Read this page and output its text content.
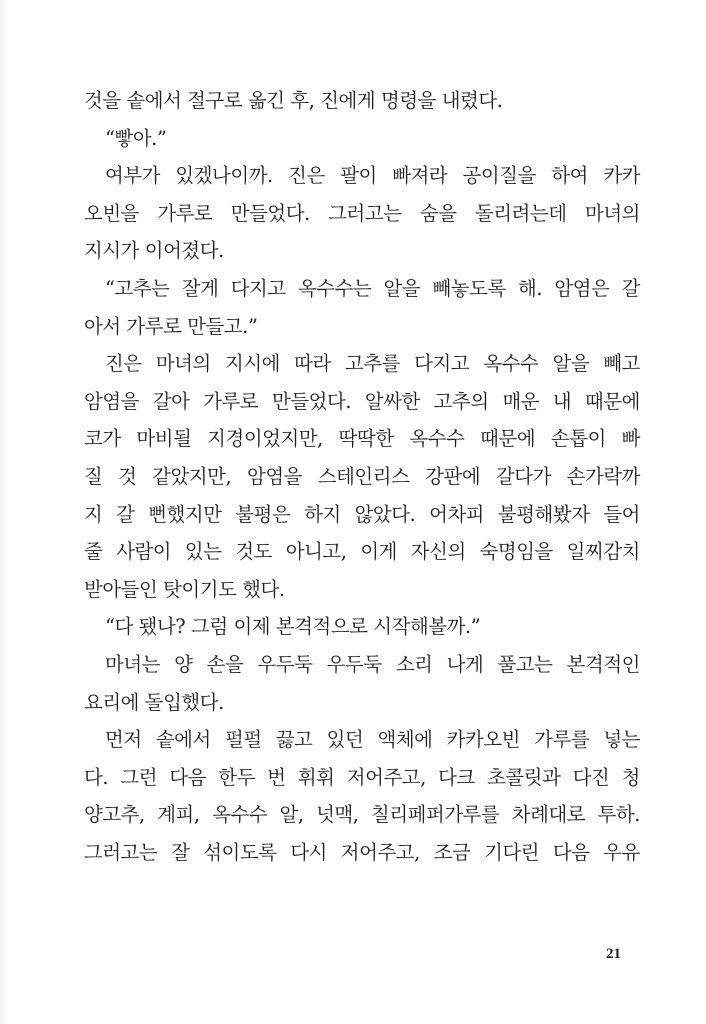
것을 솥에서 절구로 옮긴 후, 진에게 명령을 내렸다.
“빻아.”
여부가 있겠나이까. 진은 팔이 빠져라 공이질을 하여 카카
오빈을 가루로 만들었다. 그러고는 숨을 돌리려는데 마녀의
지시가 이어졌다.
“고추는 잘게 다지고 옥수수는 알을 빼놓도록 해. 암염은 갈
아서 가루로 만들고.”
진은 마녀의 지시에 따라 고추를 다지고 옥수수 알을 빼고
암염을 갈아 가루로 만들었다. 알싸한 고추의 매운 내 때문에
코가 마비될 지경이었지만, 딱딱한 옥수수 때문에 손톱이 빠
질 것 같았지만, 암염을 스테인리스 강판에 갈다가 손가락까
지 갈 뻔했지만 불평은 하지 않았다. 어차피 불평해봤자 들어
줄 사람이 있는 것도 아니고, 이게 자신의 숙명임을 일찌감치
받아들인 탓이기도 했다.
“다 됐나? 그럼 이제 본격적으로 시작해볼까.”
마녀는 양 손을 우두둑 우두둑 소리 나게 풀고는 본격적인
요리에 돌입했다.
먼저 솥에서 펄펄 끓고 있던 액체에 카카오빈 가루를 넣는
다. 그런 다음 한두 번 휘휘 저어주고, 다크 초콜릿과 다진 청
양고추, 계피, 옥수수 알, 넛맥, 칠리페퍼가루를 차례대로 투하.
그러고는 잘 섞이도록 다시 저어주고, 조금 기다린 다음 우유
21
